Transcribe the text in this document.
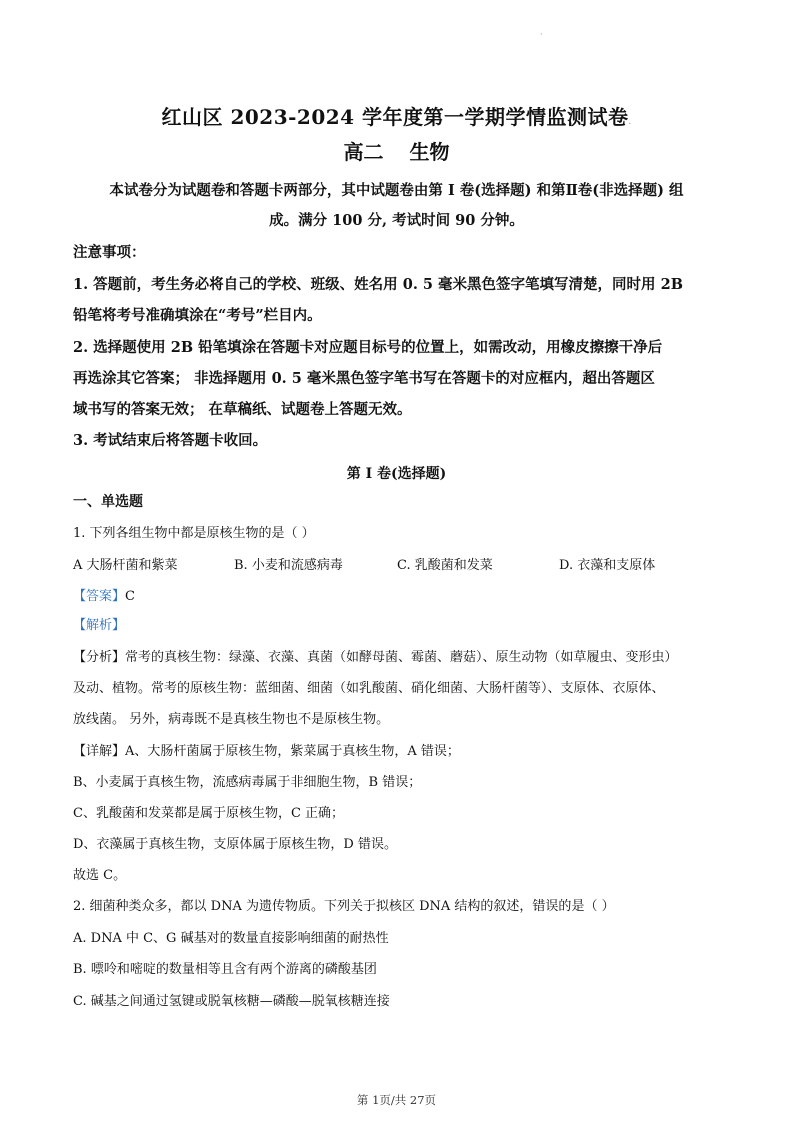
·
红山区 2023-2024 学年度第一学期学情监测试卷.
高二 生物
本试卷分为试题卷和答题卡两部分，其中试题卷由第 I 卷(选择题) 和第Ⅱ卷(非选择题) 组
成。满分 100 分, 考试时间 90 分钟。
注意事项：
1. 答题前，考生务必将自己的学校、班级、姓名用 0. 5 毫米黑色签字笔填写清楚，同时用 2B
铅笔将考号准确填涂在“考号”栏目内。
2. 选择题使用 2B 铅笔填涂在答题卡对应题目标号的位置上，如需改动，用橡皮擦擦干净后
再选涂其它答案； 非选择题用 0. 5 毫米黑色签字笔书写在答题卡的对应框内，超出答题区
域书写的答案无效； 在草稿纸、试题卷上答题无效。
3. 考试结束后将答题卡收回。
第 I 卷(选择题)
一、单选题
1. 下列各组生物中都是原核生物的是（ ）
A 大肠杆菌和紫菜	B. 小麦和流感病毒	C. 乳酸菌和发菜	D. 衣藻和支原体
【答案】C
【解析】
【分析】常考的真核生物：绿藻、衣藻、真菌（如酵母菌、霉菌、蘑菇）、原生动物（如草履虫、变形虫）
及动、植物。常考的原核生物：蓝细菌、细菌（如乳酸菌、硝化细菌、大肠杆菌等）、支原体、衣原体、
放线菌。 另外，病毒既不是真核生物也不是原核生物。
【详解】A、大肠杆菌属于原核生物，紫菜属于真核生物，A 错误；
B、小麦属于真核生物，流感病毒属于非细胞生物，B 错误；
C、乳酸菌和发菜都是属于原核生物，C 正确；
D、衣藻属于真核生物，支原体属于原核生物，D 错误。
故选 C。
2. 细菌种类众多，都以 DNA 为遗传物质。下列关于拟核区 DNA 结构的叙述，错误的是（ ）
A. DNA 中 C、G 碱基对的数量直接影响细菌的耐热性
B. 嘌呤和嘧啶的数量相等且含有两个游离的磷酸基团
C. 碱基之间通过氢键或脱氧核糖—磷酸—脱氧核糖连接
第 1页/共 27页
